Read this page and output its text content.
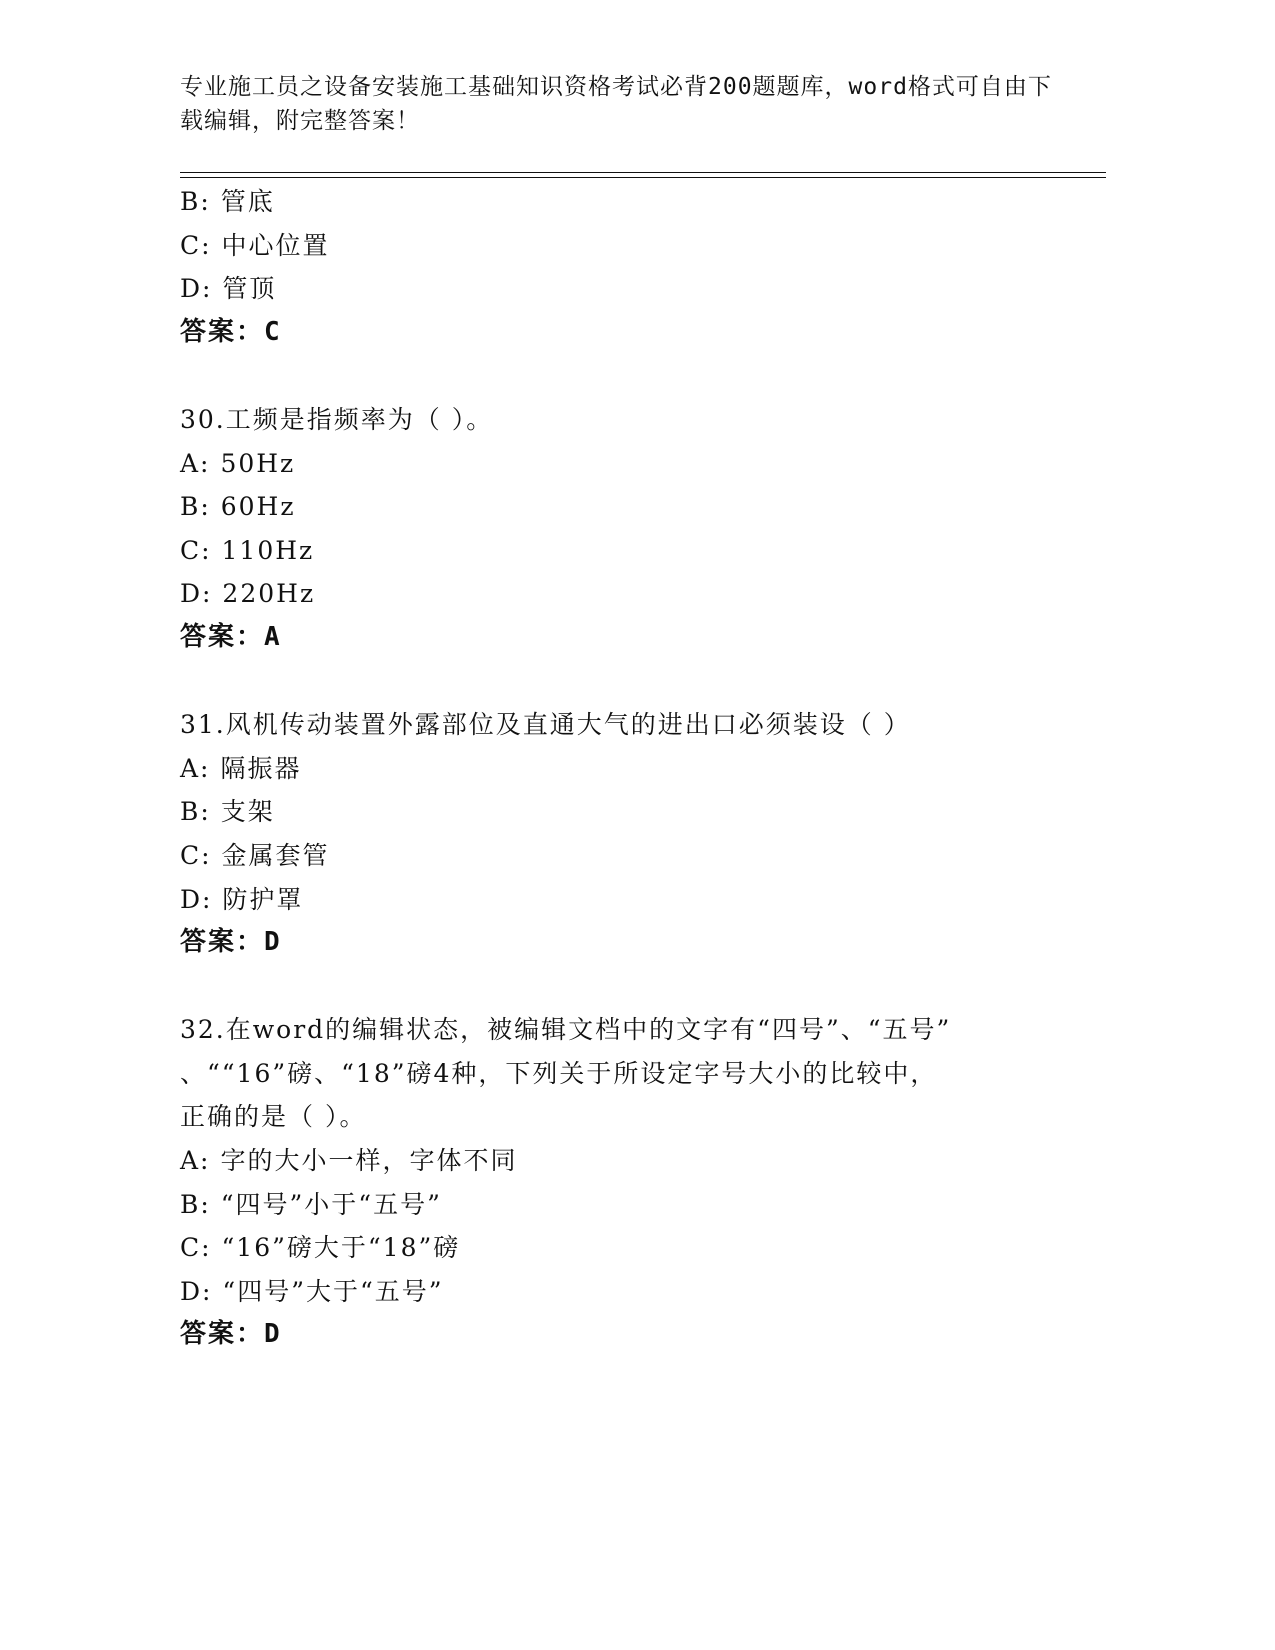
专业施工员之设备安装施工基础知识资格考试必背200题题库，word格式可自由下载编辑，附完整答案！
B: 管底
C: 中心位置
D: 管顶
答案：C
30.工频是指频率为（ ）。
A: 50Hz
B: 60Hz
C: 110Hz
D: 220Hz
答案：A
31.风机传动装置外露部位及直通大气的进出口必须装设（ ）
A: 隔振器
B: 支架
C: 金属套管
D: 防护罩
答案：D
32.在word的编辑状态，被编辑文档中的文字有“四号”、“五号”
、““16”磅、“18”磅4种，下列关于所设定字号大小的比较中，
正确的是（ ）。
A: 字的大小一样，字体不同
B: “四号”小于“五号”
C: “16”磅大于“18”磅
D: “四号”大于“五号”
答案：D
